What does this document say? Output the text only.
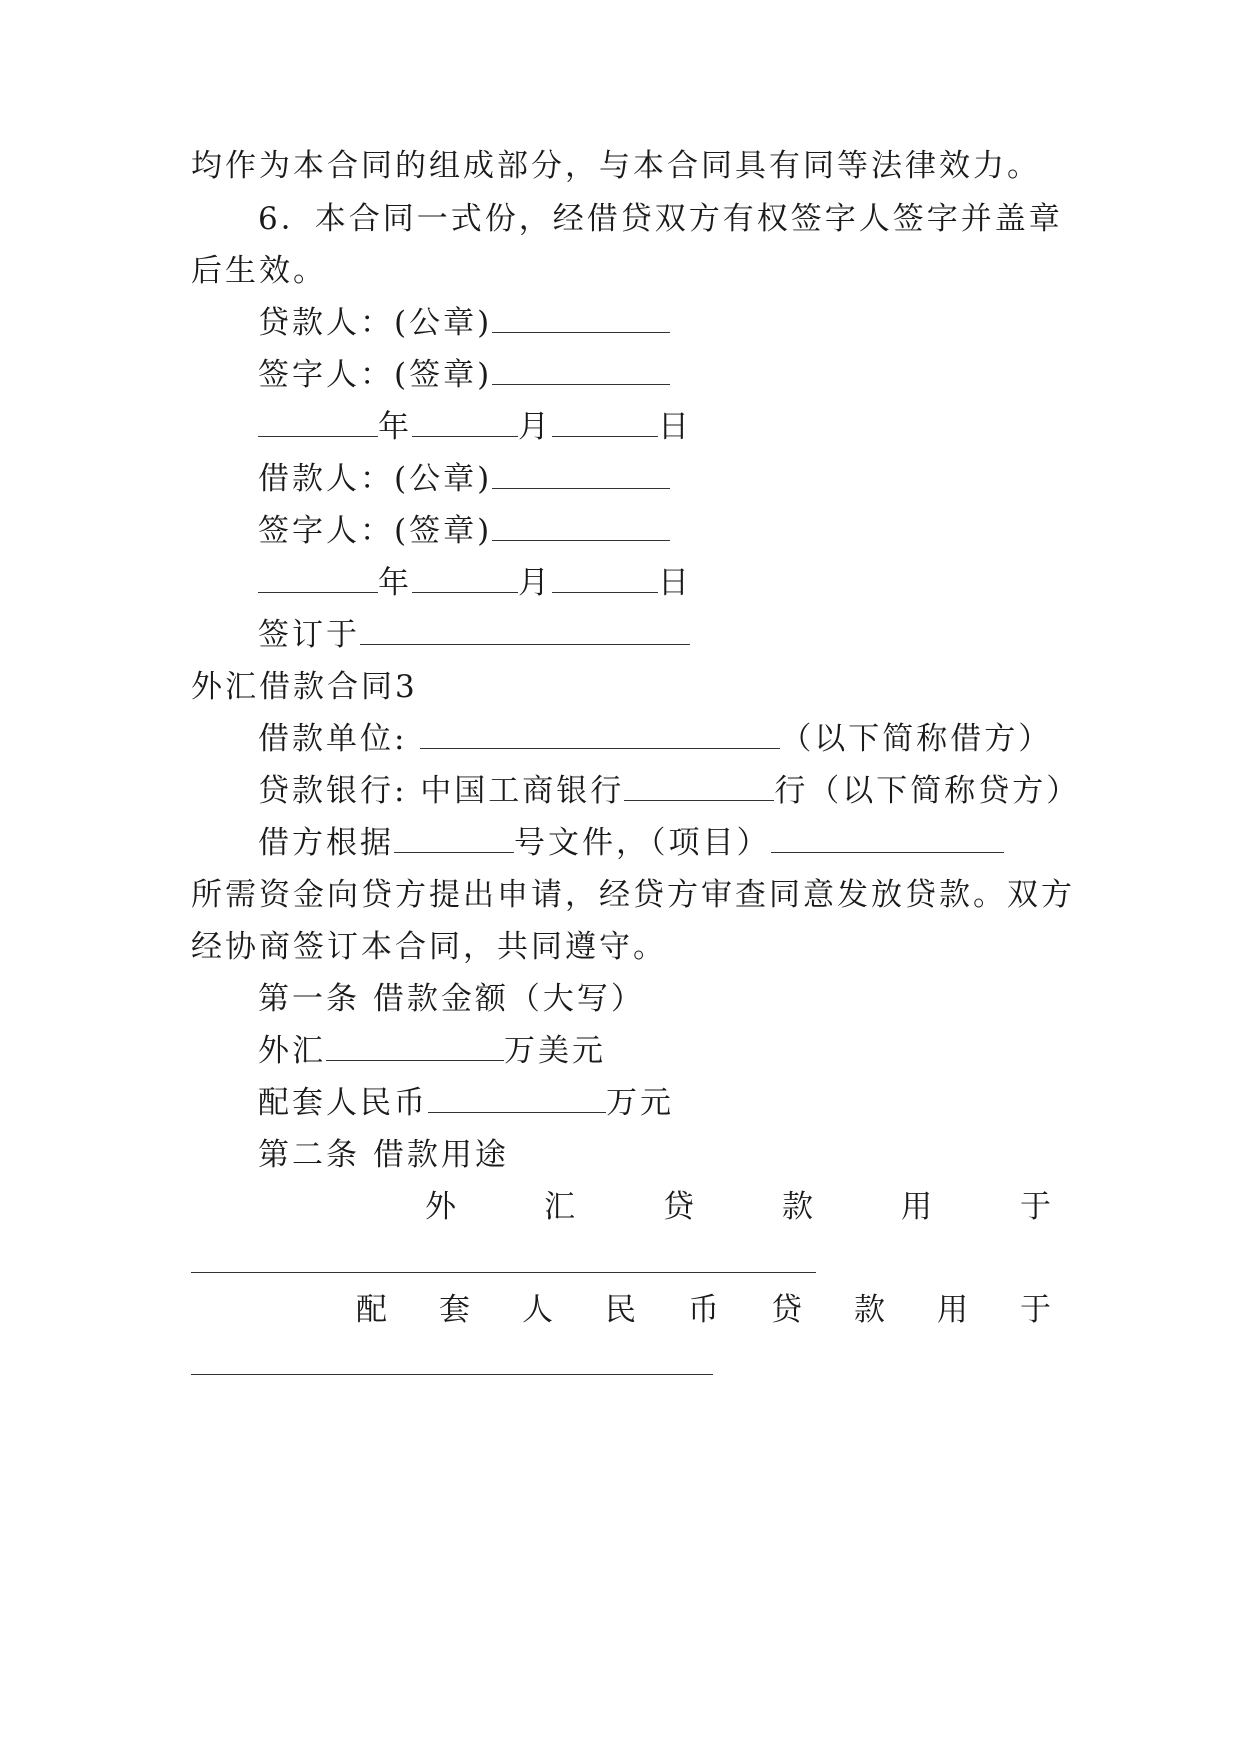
均作为本合同的组成部分，与本合同具有同等法律效力。
6．本合同一式份，经借贷双方有权签字人签字并盖章
后生效。
贷款人：(公章)
签字人：(签章)
年	月	日
借款人：(公章)
签字人：(签章)
年	月	日
签订于
外汇借款合同3
借款单位:	（以下简称借方）
贷款银行: 中国工商银行	行（以下简称贷方）
借方根据	号文件，（项目）
所需资金向贷方提出申请，经贷方审查同意发放贷款。双方
经协商签订本合同，共同遵守。
第一条 借款金额（大写）
外汇	万美元
配套人民币	万元
第二条 借款用途
外	汇	贷	款	用	于
配 套 人 民 币 贷 款 用 于
